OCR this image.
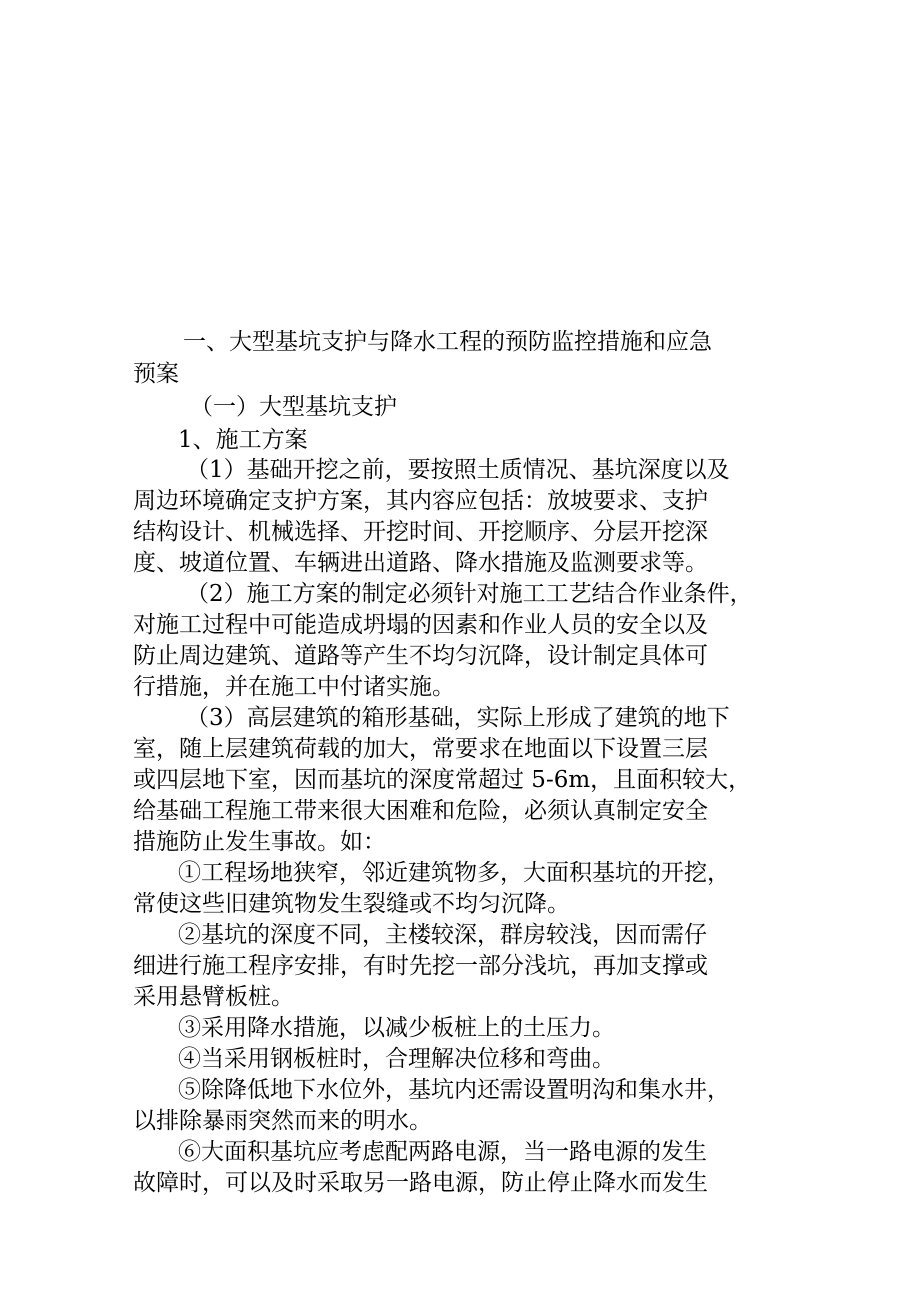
一、大型基坑支护与降水工程的预防监控措施和应急
预案
（一）大型基坑支护
1、施工方案
（1）基础开挖之前，要按照土质情况、基坑深度以及
周边环境确定支护方案，其内容应包括：放坡要求、支护
结构设计、机械选择、开挖时间、开挖顺序、分层开挖深
度、坡道位置、车辆进出道路、降水措施及监测要求等。
（2）施工方案的制定必须针对施工工艺结合作业条件，
对施工过程中可能造成坍塌的因素和作业人员的安全以及
防止周边建筑、道路等产生不均匀沉降，设计制定具体可
行措施，并在施工中付诸实施。
（3）高层建筑的箱形基础，实际上形成了建筑的地下
室，随上层建筑荷载的加大，常要求在地面以下设置三层
或四层地下室，因而基坑的深度常超过 5-6m，且面积较大，
给基础工程施工带来很大困难和危险，必须认真制定安全
措施防止发生事故。如：
①工程场地狭窄，邻近建筑物多，大面积基坑的开挖，
常使这些旧建筑物发生裂缝或不均匀沉降。
②基坑的深度不同，主楼较深，群房较浅，因而需仔
细进行施工程序安排，有时先挖一部分浅坑，再加支撑或
采用悬臂板桩。
③采用降水措施，以减少板桩上的土压力。
④当采用钢板桩时，合理解决位移和弯曲。
⑤除降低地下水位外，基坑内还需设置明沟和集水井，
以排除暴雨突然而来的明水。
⑥大面积基坑应考虑配两路电源，当一路电源的发生
故障时，可以及时采取另一路电源，防止停止降水而发生
